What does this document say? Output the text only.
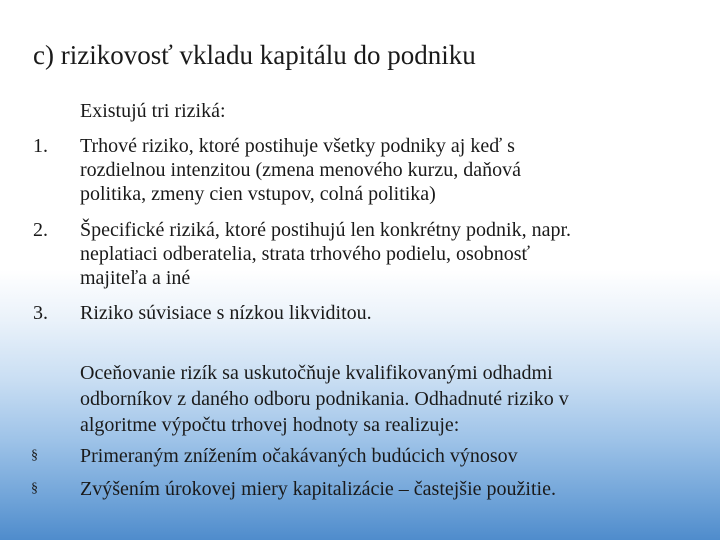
c) rizikovosť vkladu kapitálu do podniku
Existujú tri riziká:
1. Trhové riziko, ktoré postihuje všetky podniky aj keď s
rozdielnou intenzitou (zmena menového kurzu, daňová
politika, zmeny cien vstupov, colná politika)
2. Špecifické riziká, ktoré postihujú len konkrétny podnik, napr.
neplatiaci odberatelia, strata trhového podielu, osobnosť
majiteľa a iné
3. Riziko súvisiace s nízkou likviditou.
Oceňovanie rizík sa uskutočňuje kvalifikovanými odhadmi
odborníkov z daného odboru podnikania. Odhadnuté riziko v
algoritme výpočtu trhovej hodnoty sa realizuje:
§ Primeraným znížením očakávaných budúcich výnosov
§ Zvýšením úrokovej miery kapitalizácie – častejšie použitie.
